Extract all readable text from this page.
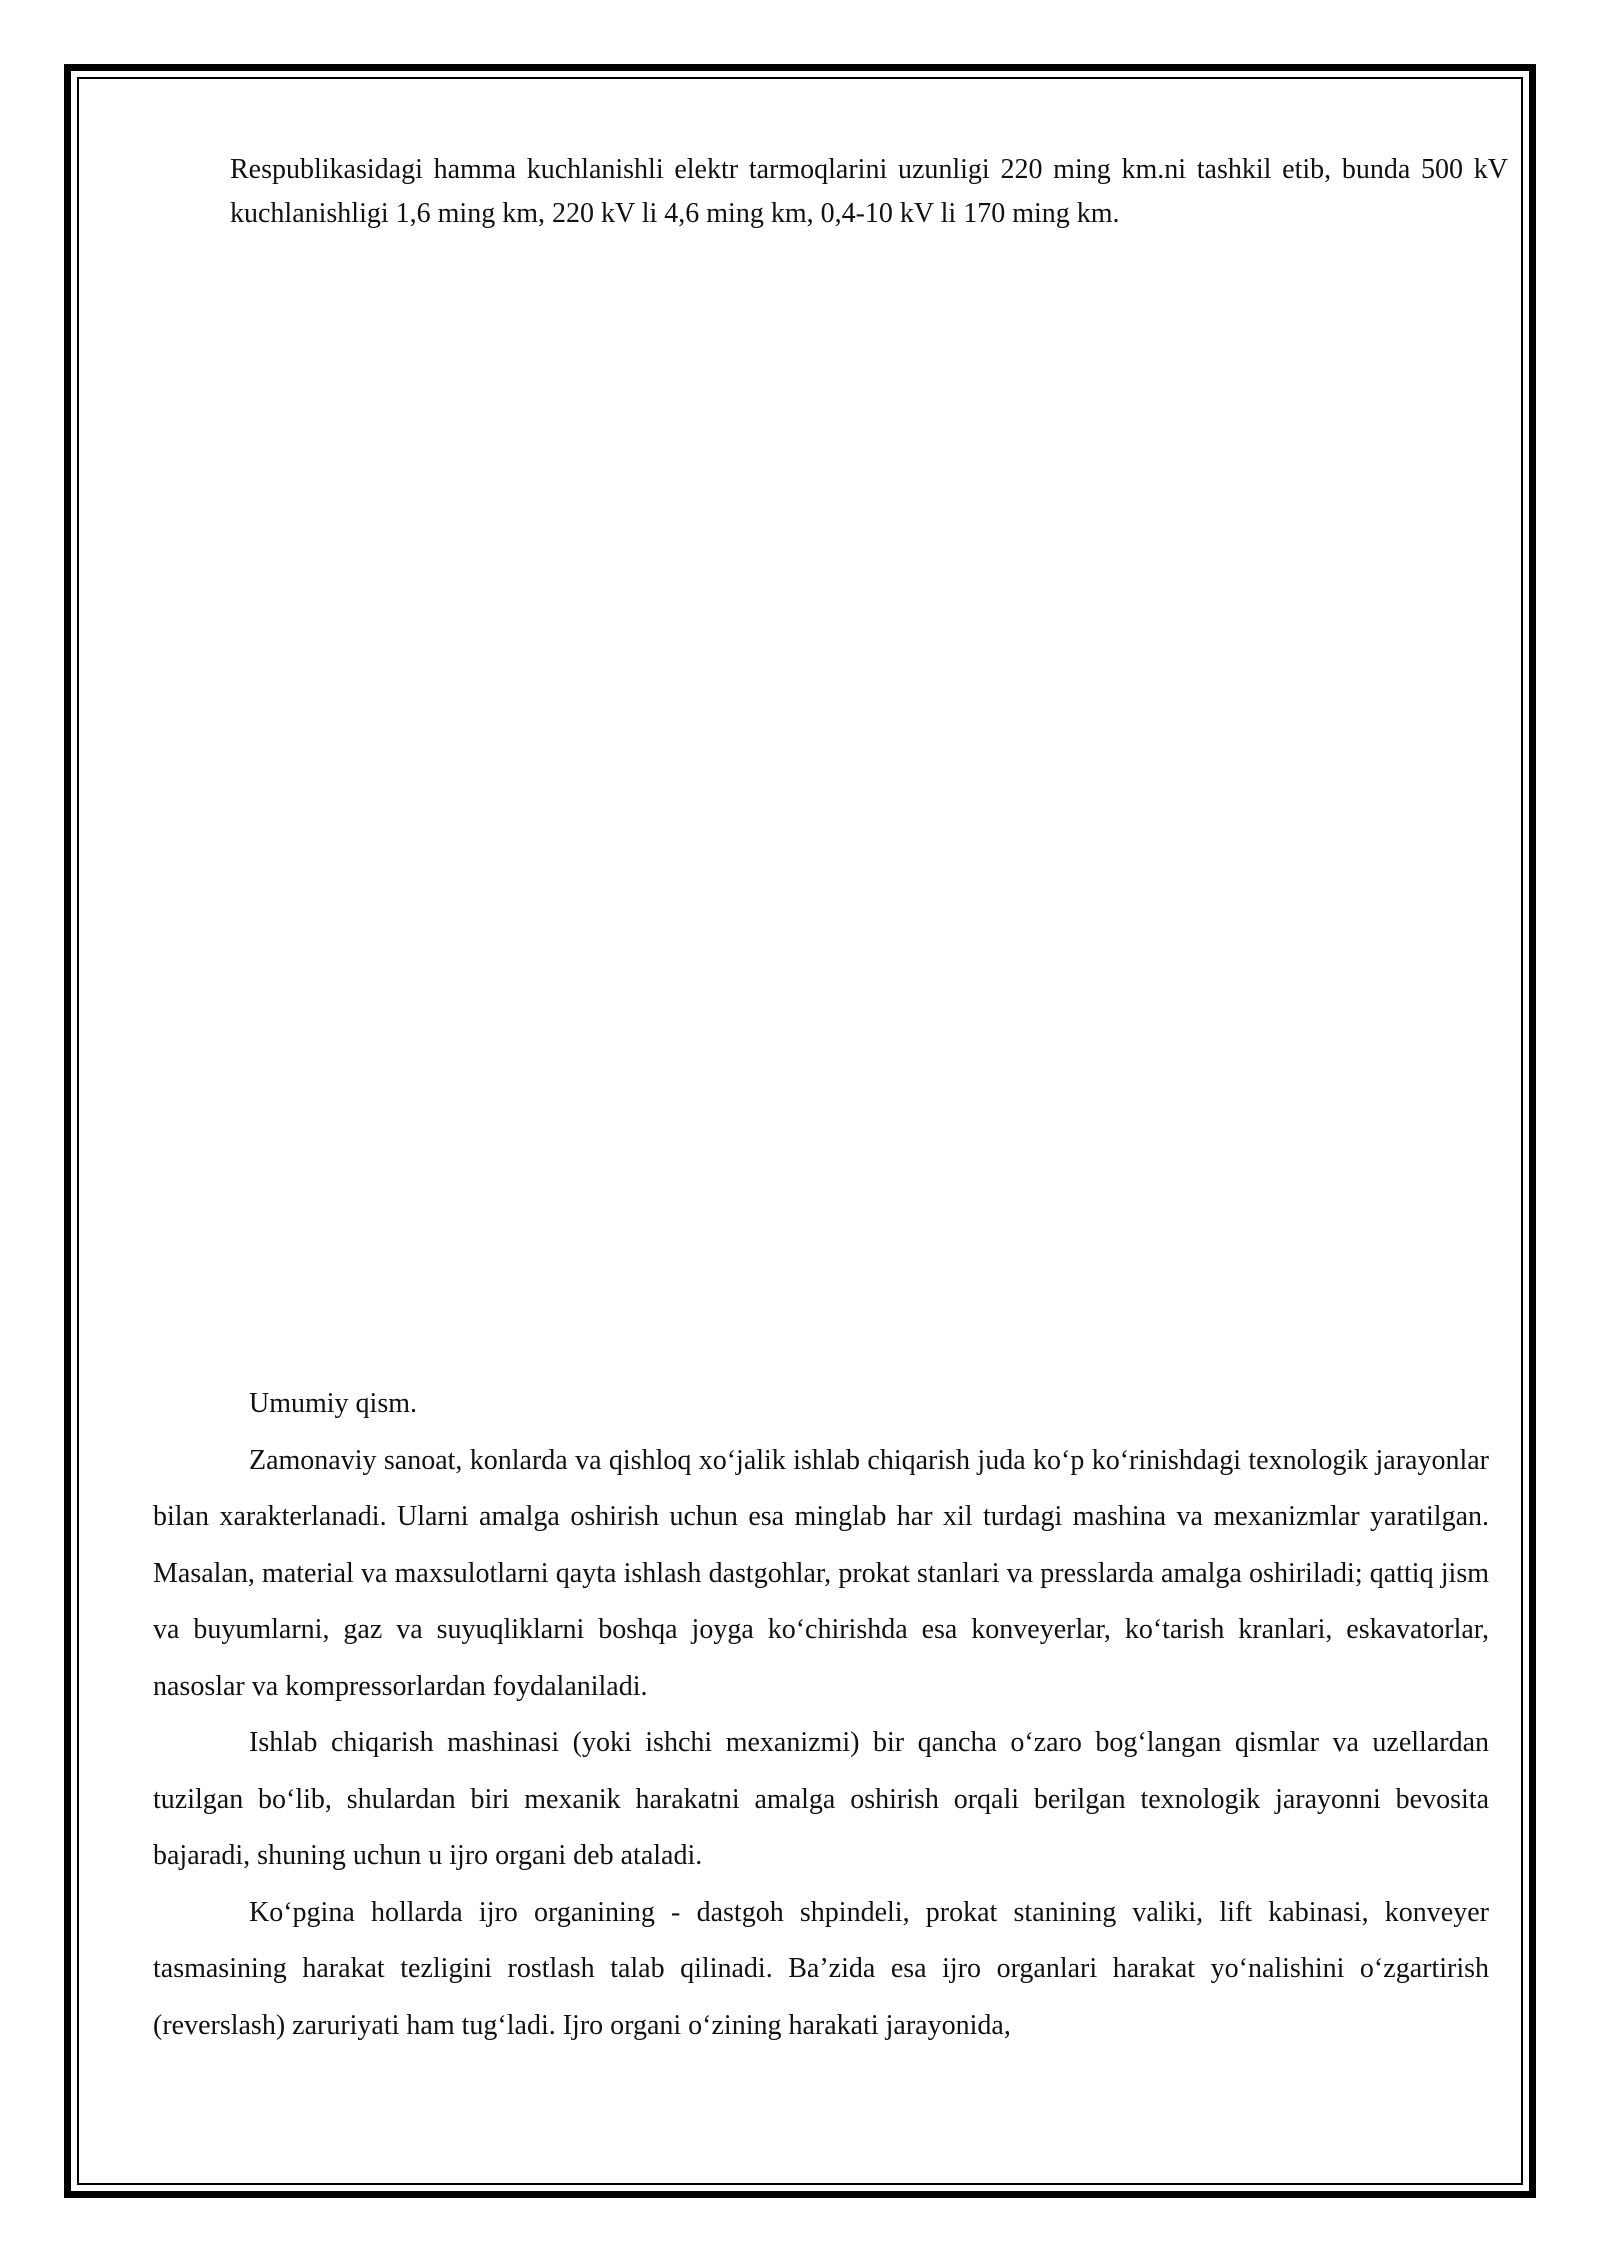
Respublikasidagi hamma kuchlanishli elektr tarmoqlarini uzunligi 220 ming km.ni tashkil etib, bunda 500 kV kuchlanishligi 1,6 ming km, 220 kV li 4,6 ming km, 0,4-10 kV li 170 ming km.

Umumiy qism.

Zamonaviy sanoat, konlarda va qishloq xo‘jalik ishlab chiqarish juda ko‘p ko‘rinishdagi texnologik jarayonlar bilan xarakterlanadi. Ularni amalga oshirish uchun esa minglab har xil turdagi mashina va mexanizmlar yaratilgan. Masalan, material va maxsulotlarni qayta ishlash dastgohlar, prokat stanlari va presslarda amalga oshiriladi; qattiq jism va buyumlarni, gaz va suyuqliklarni boshqa joyga ko‘chirishda esa konveyerlar, ko‘tarish kranlari, eskavatorlar, nasoslar va kompressorlardan foydalaniladi.

Ishlab chiqarish mashinasi (yoki ishchi mexanizmi) bir qancha o‘zaro bog‘langan qismlar va uzellardan tuzilgan bo‘lib, shulardan biri mexanik harakatni amalga oshirish orqali berilgan texnologik jarayonni bevosita bajaradi, shuning uchun u ijro organi deb ataladi.

Ko‘pgina hollarda ijro organining - dastgoh shpindeli, prokat stanining valiki, lift kabinasi, konveyer tasmasining harakat tezligini rostlash talab qilinadi. Ba’zida esa ijro organlari harakat yo‘nalishini o‘zgartirish (reverslash) zaruriyati ham tug‘ladi. Ijro organi o‘zining harakati jarayonida,
